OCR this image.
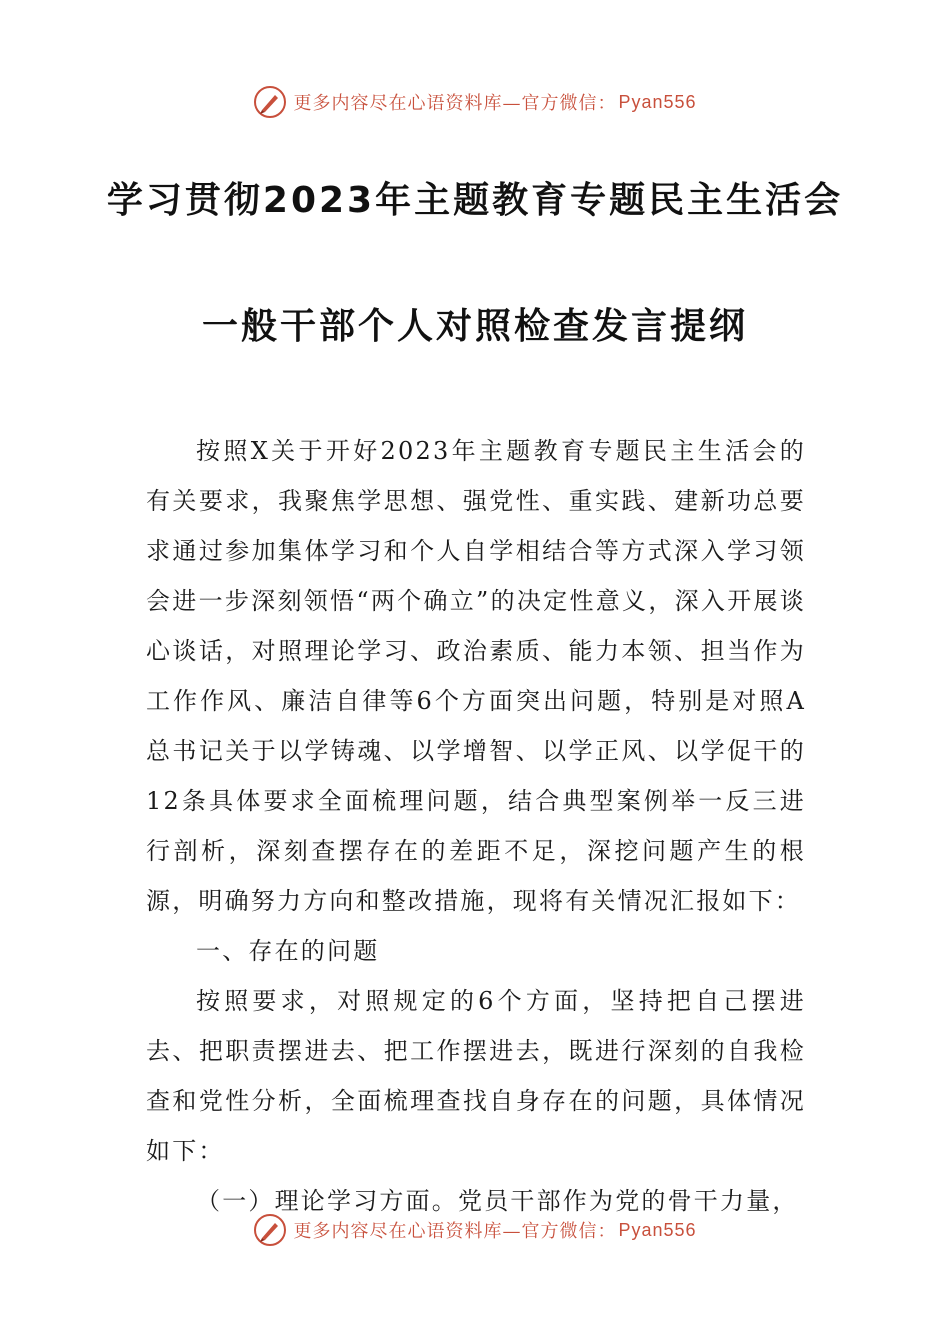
更多内容尽在心语资料库—官方微信： Pyan556
学习贯彻2023年主题教育专题民主生活会
一般干部个人对照检查发言提纲

按照X关于开好2023年主题教育专题民主生活会的有关要求，我聚焦学思想、强党性、重实践、建新功总要求通过参加集体学习和个人自学相结合等方式深入学习领会进一步深刻领悟“两个确立”的决定性意义，深入开展谈心谈话，对照理论学习、政治素质、能力本领、担当作为工作作风、廉洁自律等6个方面突出问题，特别是对照A总书记关于以学铸魂、以学增智、以学正风、以学促干的12条具体要求全面梳理问题，结合典型案例举一反三进行剖析，深刻查摆存在的差距不足，深挖问题产生的根源，明确努力方向和整改措施，现将有关情况汇报如下：

一、存在的问题

按照要求，对照规定的6个方面，坚持把自己摆进去、把职责摆进去、把工作摆进去，既进行深刻的自我检查和党性分析，全面梳理查找自身存在的问题，具体情况如下：

（一）理论学习方面。党员干部作为党的骨干力量，

更多内容尽在心语资料库—官方微信： Pyan556
